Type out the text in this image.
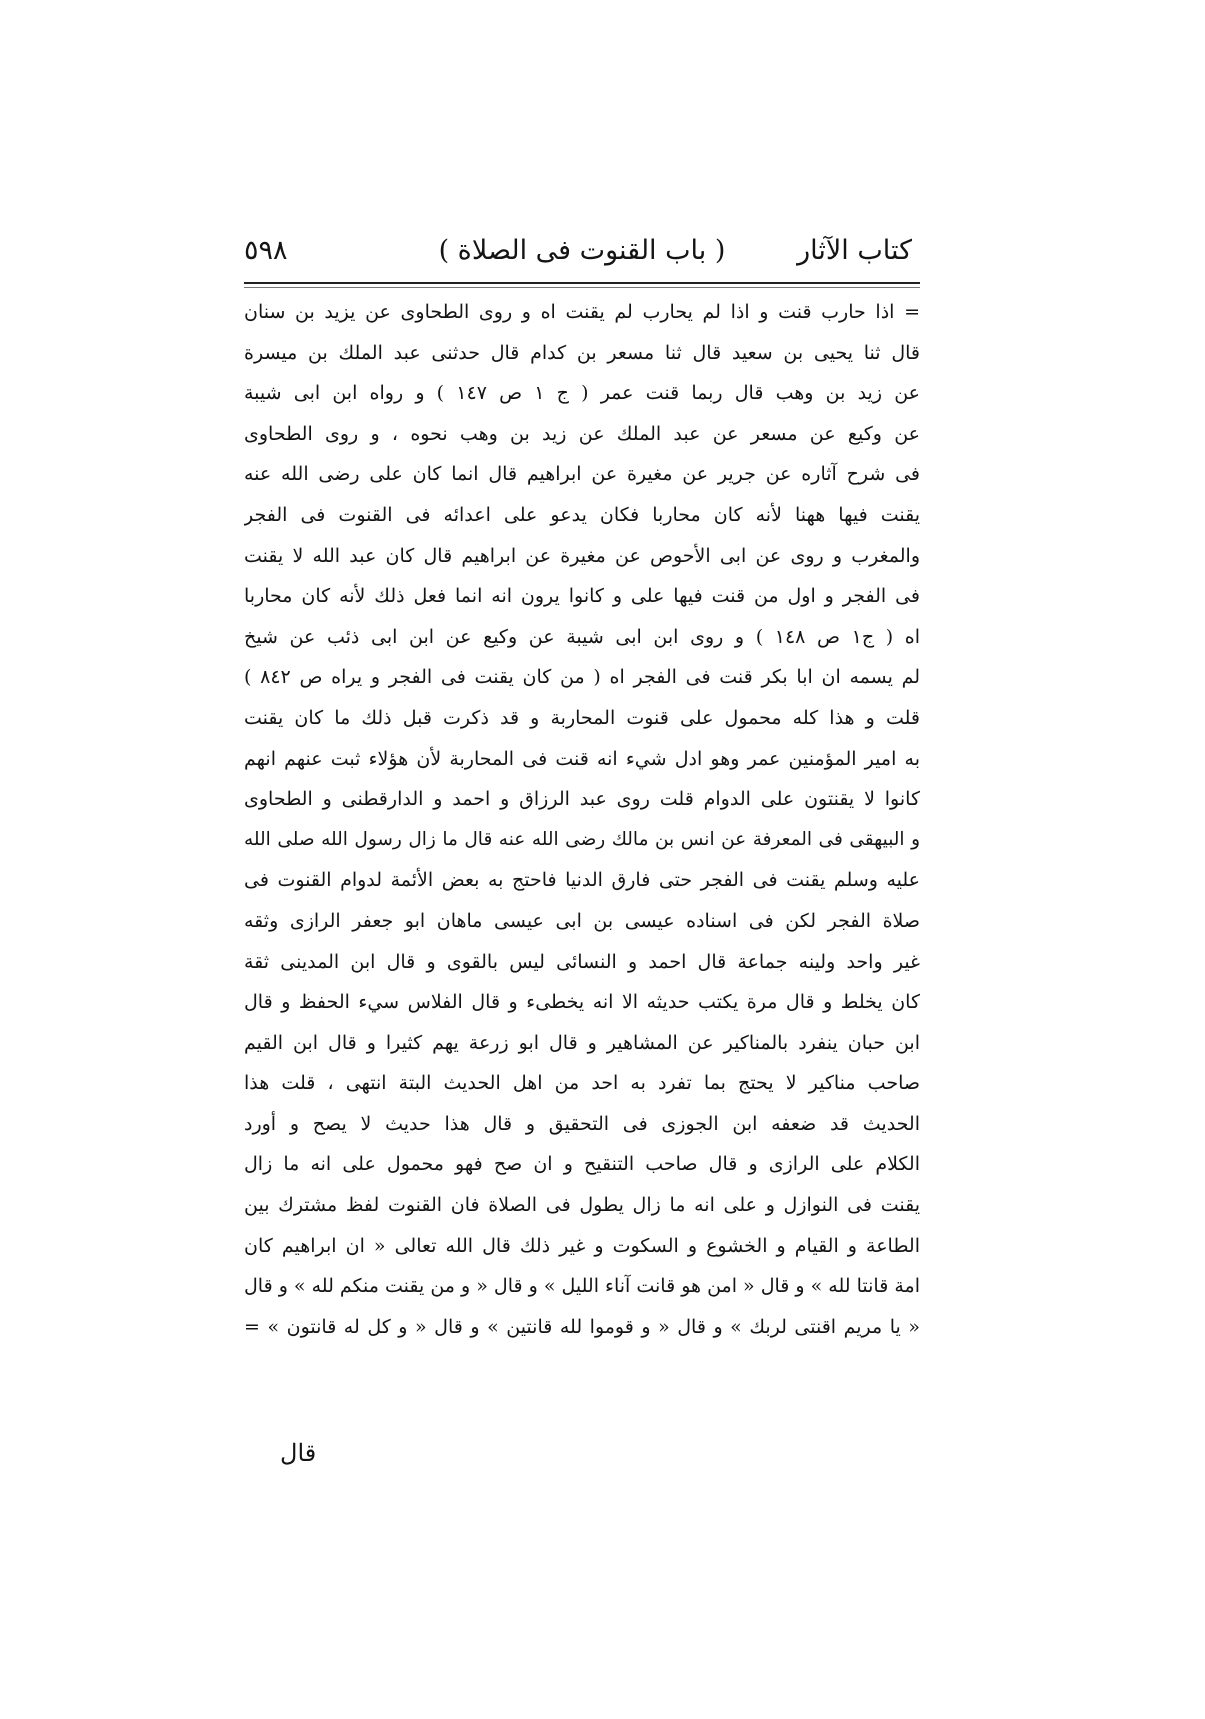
كتاب الآثار
( باب القنوت فى الصلاة )
٥٩٨
= اذا حارب قنت و اذا لم يحارب لم يقنت اه و روى الطحاوى عن يزيد بن سنان
قال ثنا يحيى بن سعيد قال ثنا مسعر بن كدام قال حدثنى عبد الملك بن ميسرة
عن زيد بن وهب قال ربما قنت عمر ( ج ١ ص ١٤٧ ) و رواه ابن ابى شيبة
عن وكيع عن مسعر عن عبد الملك عن زيد بن وهب نحوه ، و روى الطحاوى
فى شرح آثاره عن جرير عن مغيرة عن ابراهيم قال انما كان على رضى الله عنه
يقنت فيها ههنا لأنه كان محاربا فكان يدعو على اعدائه فى القنوت فى الفجر
والمغرب و روى عن ابى الأحوص عن مغيرة عن ابراهيم قال كان عبد الله لا يقنت
فى الفجر و اول من قنت فيها على و كانوا يرون انه انما فعل ذلك لأنه كان محاربا
اه ( ج١ ص ١٤٨ ) و روى ابن ابى شيبة عن وكيع عن ابن ابى ذئب عن شيخ
لم يسمه ان ابا بكر قنت فى الفجر اه ( من كان يقنت فى الفجر و يراه ص ٨٤٢ )
قلت و هذا كله محمول على قنوت المحاربة و قد ذكرت قبل ذلك ما كان يقنت
به امير المؤمنين عمر وهو ادل شيء انه قنت فى المحاربة لأن هؤلاء ثبت عنهم انهم
كانوا لا يقنتون على الدوام قلت روى عبد الرزاق و احمد و الدارقطنى و الطحاوى
و البيهقى فى المعرفة عن انس بن مالك رضى الله عنه قال ما زال رسول الله صلى الله
عليه وسلم يقنت فى الفجر حتى فارق الدنيا فاحتج به بعض الأئمة لدوام القنوت فى
صلاة الفجر لكن فى اسناده عيسى بن ابى عيسى ماهان ابو جعفر الرازى وثقه
غير واحد ولينه جماعة قال احمد و النسائى ليس بالقوى و قال ابن المدينى ثقة
كان يخلط و قال مرة يكتب حديثه الا انه يخطىء و قال الفلاس سيء الحفظ و قال
ابن حبان ينفرد بالمناكير عن المشاهير و قال ابو زرعة يهم كثيرا و قال ابن القيم
صاحب مناكير لا يحتج بما تفرد به احد من اهل الحديث البتة انتهى ، قلت هذا
الحديث قد ضعفه ابن الجوزى فى التحقيق و قال هذا حديث لا يصح و أورد
الكلام على الرازى و قال صاحب التنقيح و ان صح فهو محمول على انه ما زال
يقنت فى النوازل و على انه ما زال يطول فى الصلاة فان القنوت لفظ مشترك بين
الطاعة و القيام و الخشوع و السكوت و غير ذلك قال الله تعالى « ان ابراهيم كان
امة قانتا لله » و قال « امن هو قانت آناء الليل » و قال « و من يقنت منكم لله » و قال
« يا مريم اقنتى لربك » و قال « و قوموا لله قانتين » و قال « و كل له قانتون » =
قال
